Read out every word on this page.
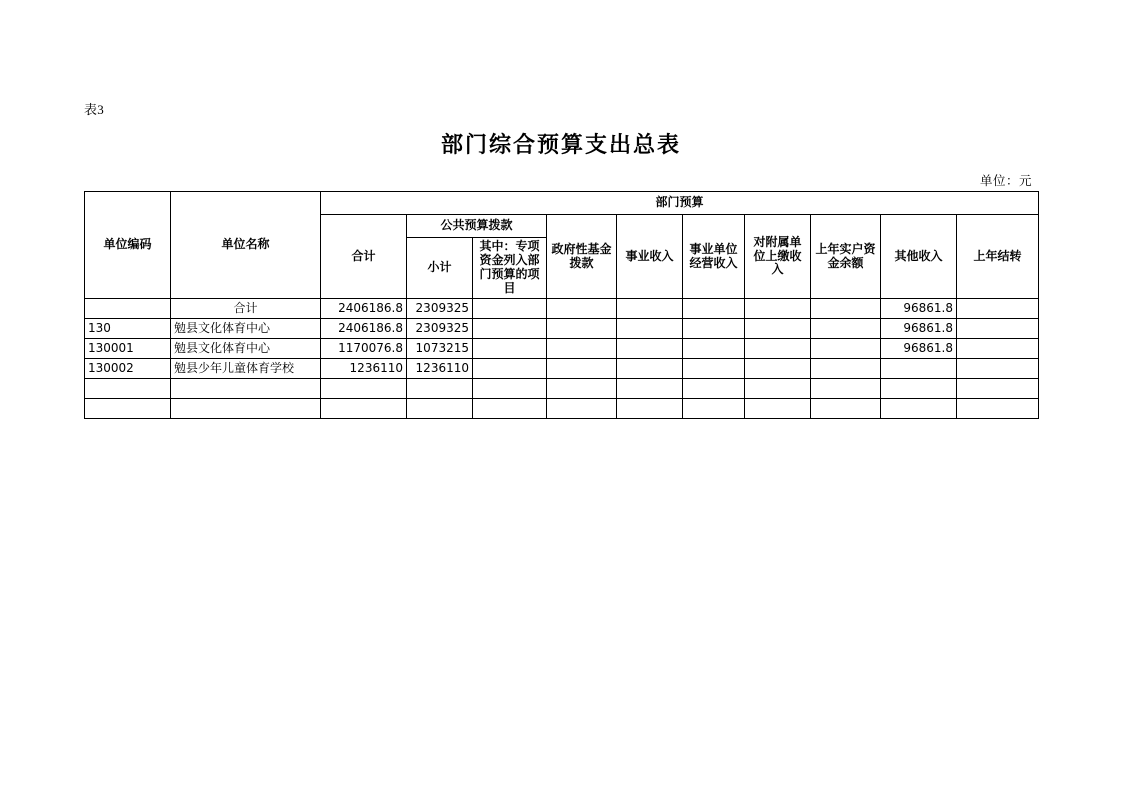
表3
部门综合预算支出总表
单位：元
单位编码	单位名称	部门预算									
		合计	公共预算拨款		政府性基金拨款	事业收入	事业单位经营收入	对附属单位上缴收入	上年实户资金余额	其他收入	上年结转
			小计	其中：专项资金列入部门预算的项目							
	合计	2406186.8	2309325							96861.8	
130	勉县文化体育中心	2406186.8	2309325							96861.8	
130001	勉县文化体育中心	1170076.8	1073215							96861.8	
130002	勉县少年儿童体育学校	1236110	1236110								
